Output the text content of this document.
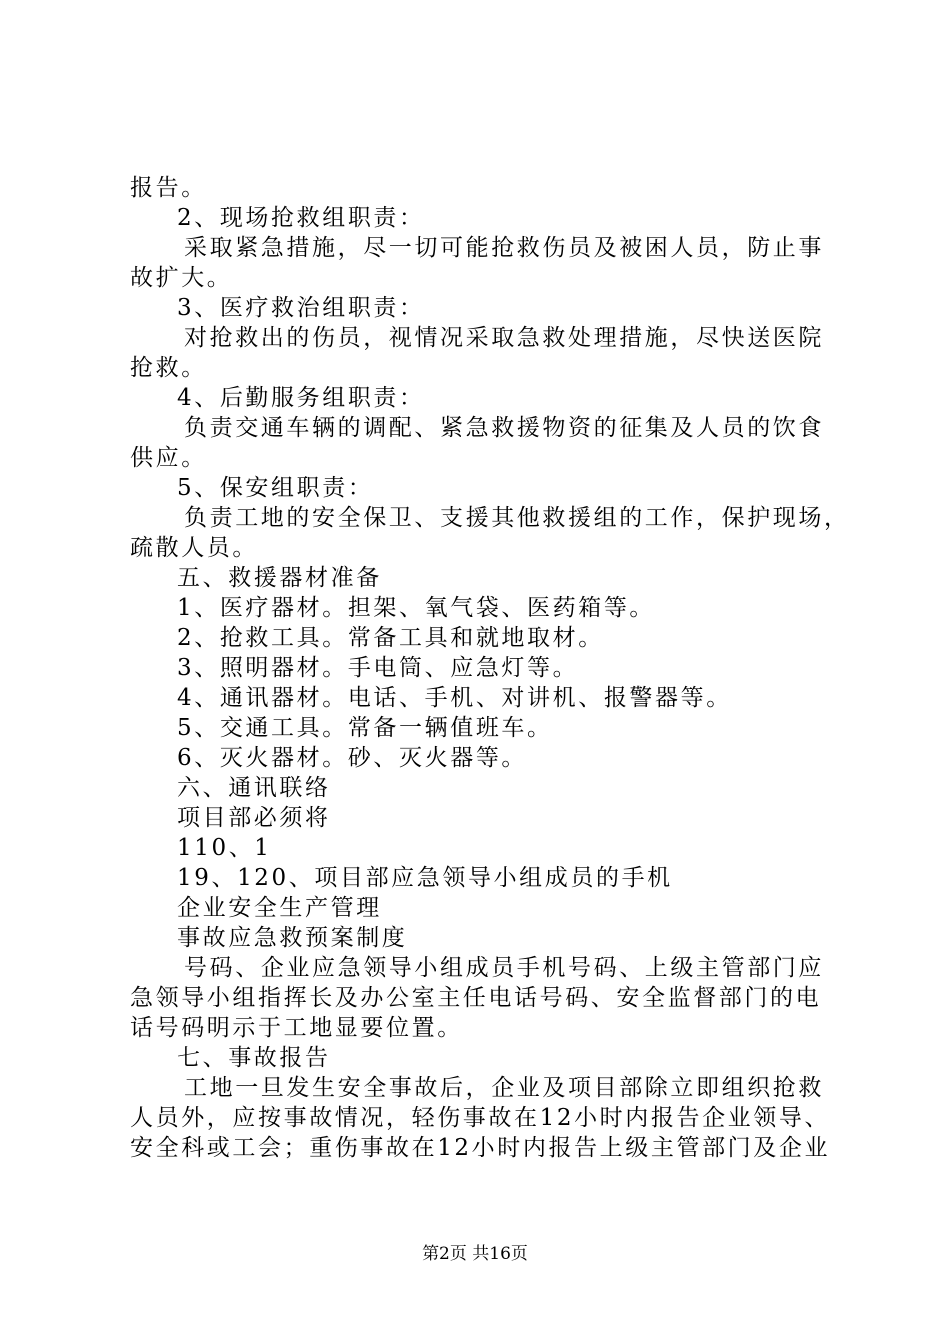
报告。
2、现场抢救组职责：
采取紧急措施，尽一切可能抢救伤员及被困人员，防止事
故扩大。
3、医疗救治组职责：
对抢救出的伤员，视情况采取急救处理措施，尽快送医院
抢救。
4、后勤服务组职责：
负责交通车辆的调配、紧急救援物资的征集及人员的饮食
供应。
5、保安组职责：
负责工地的安全保卫、支援其他救援组的工作，保护现场，
疏散人员。
五、救援器材准备
1、医疗器材。担架、氧气袋、医药箱等。
2、抢救工具。常备工具和就地取材。
3、照明器材。手电筒、应急灯等。
4、通讯器材。电话、手机、对讲机、报警器等。
5、交通工具。常备一辆值班车。
6、灭火器材。砂、灭火器等。
六、通讯联络
项目部必须将
110、1
19、120、项目部应急领导小组成员的手机
企业安全生产管理
事故应急救预案制度
号码、企业应急领导小组成员手机号码、上级主管部门应
急领导小组指挥长及办公室主任电话号码、安全监督部门的电
话号码明示于工地显要位置。
七、事故报告
工地一旦发生安全事故后，企业及项目部除立即组织抢救
人员外，应按事故情况，轻伤事故在12小时内报告企业领导、
安全科或工会；重伤事故在12小时内报告上级主管部门及企业
第2页 共16页
